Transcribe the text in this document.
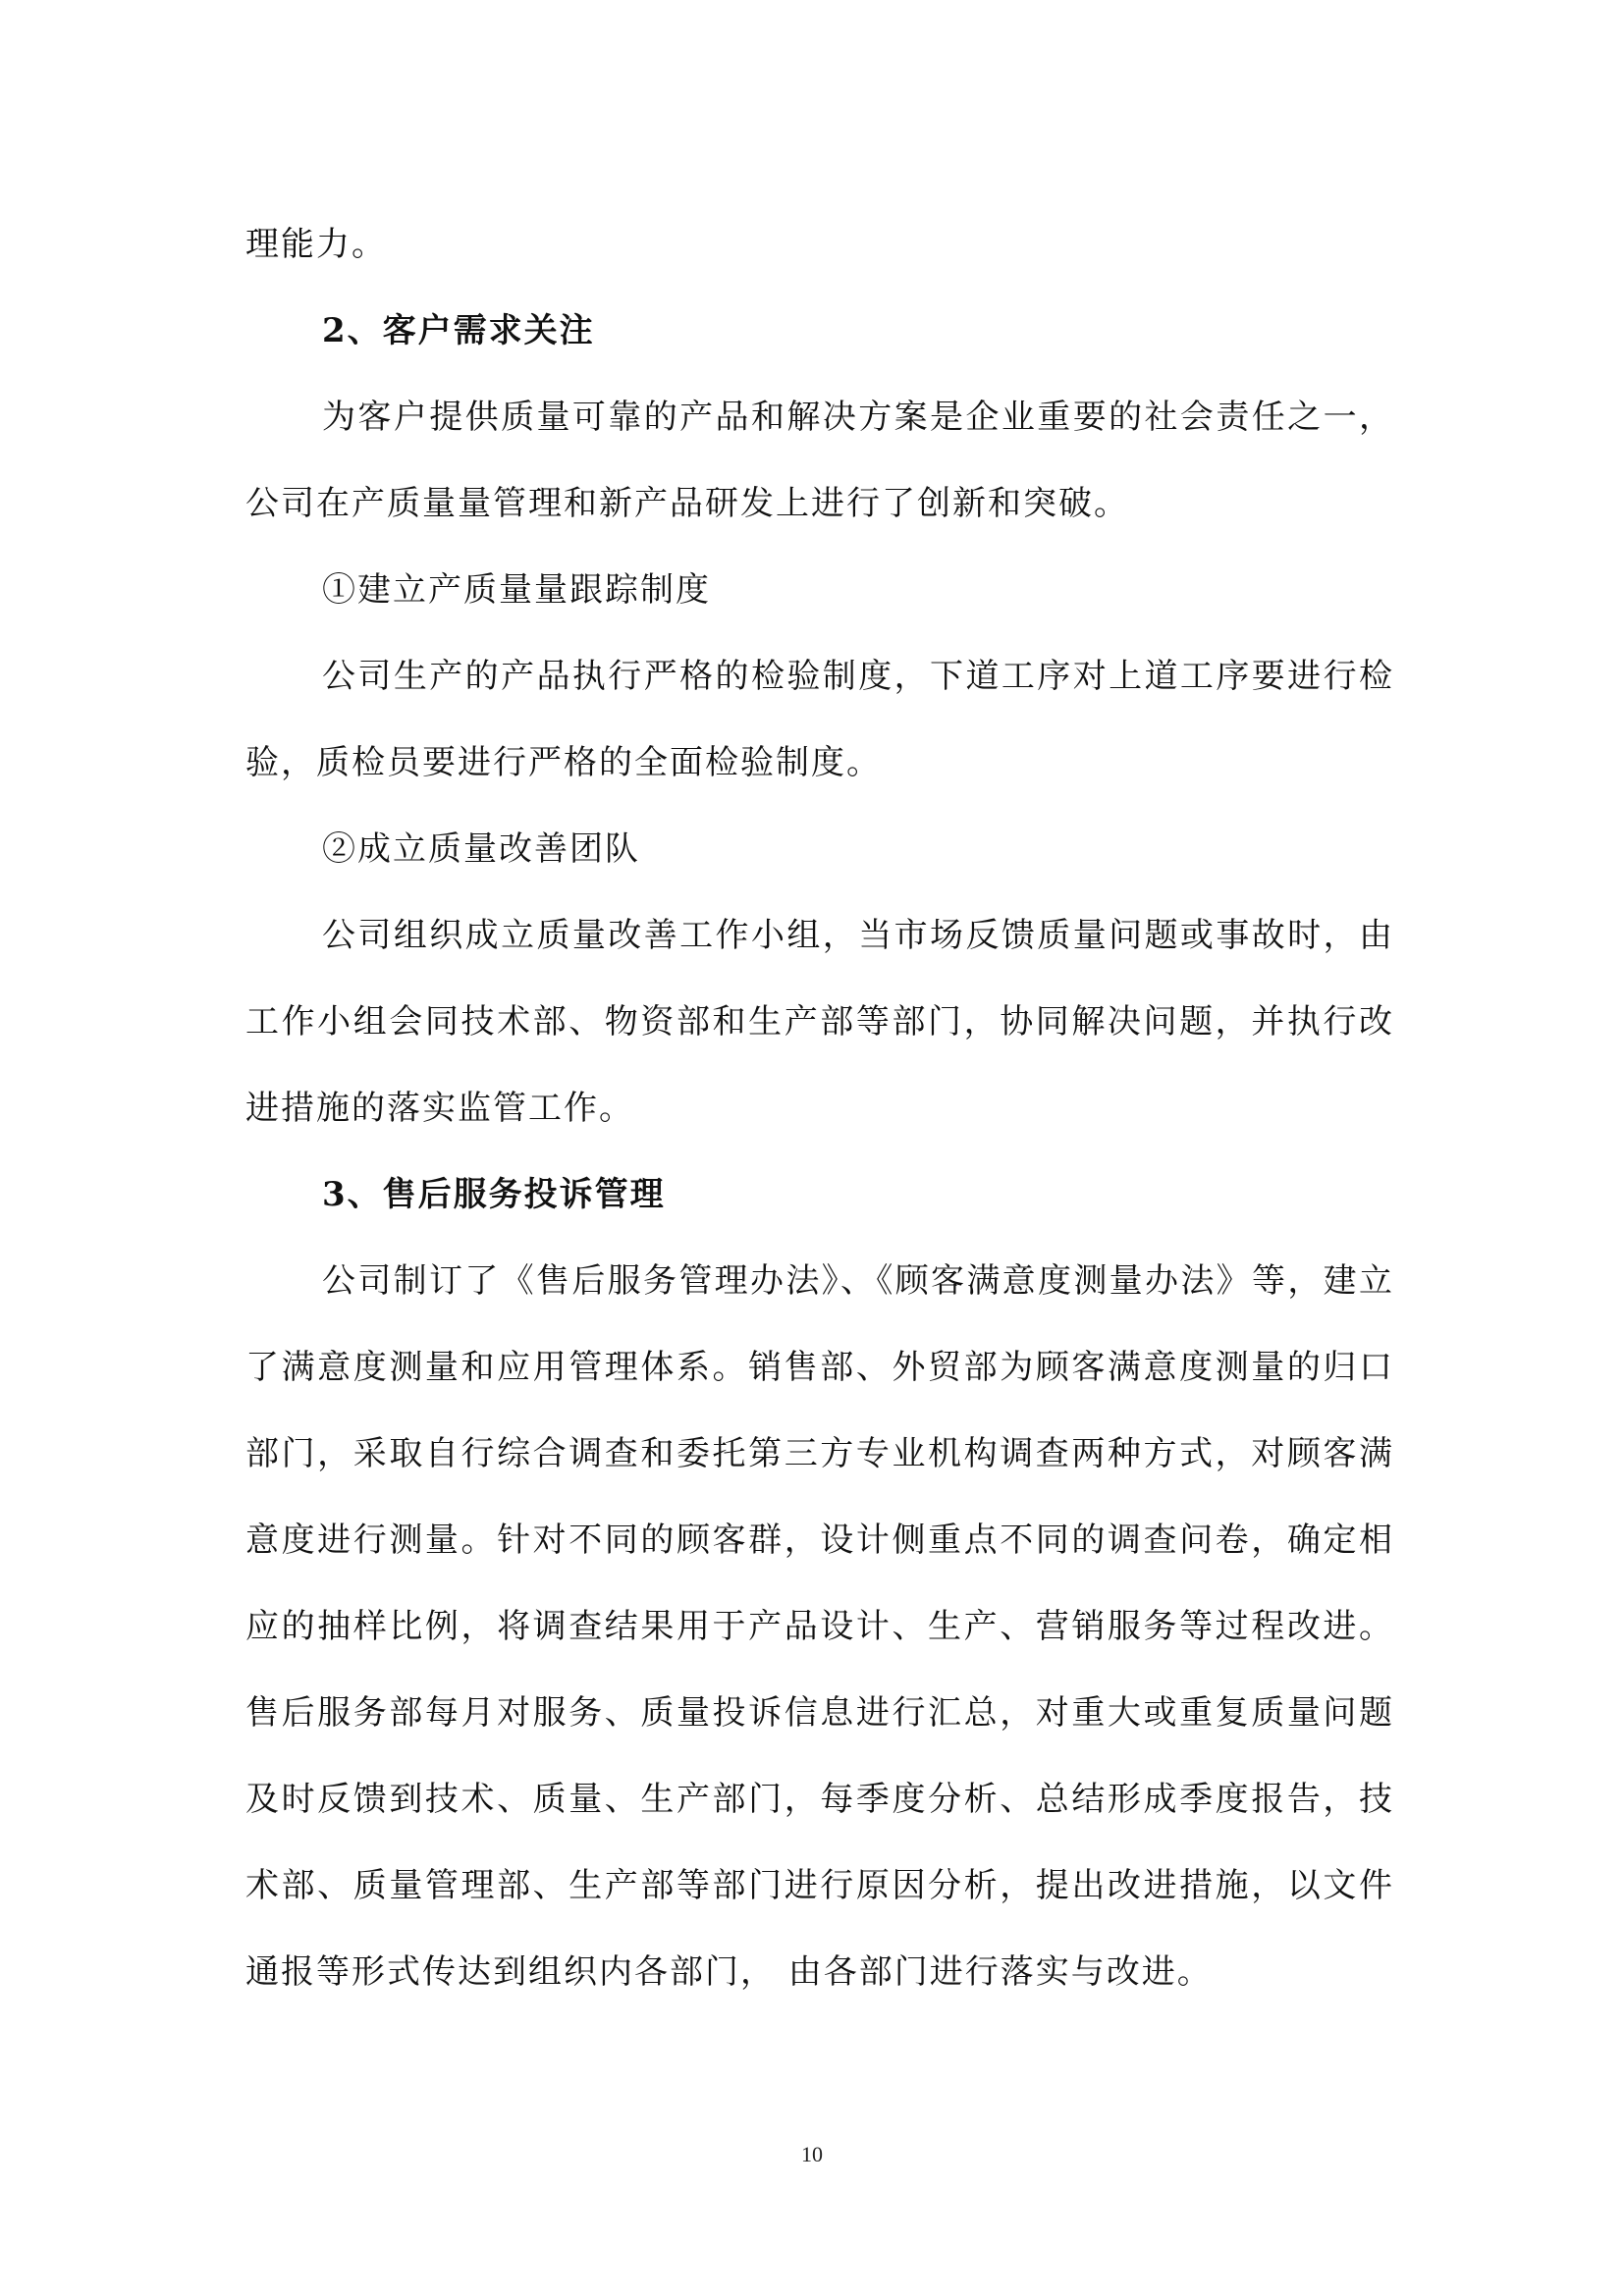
理能力。

2、客户需求关注

为客户提供质量可靠的产品和解决方案是企业重要的社会责任之一，公司在产质量量管理和新产品研发上进行了创新和突破。

①建立产质量量跟踪制度

公司生产的产品执行严格的检验制度，下道工序对上道工序要进行检验，质检员要进行严格的全面检验制度。

②成立质量改善团队

公司组织成立质量改善工作小组，当市场反馈质量问题或事故时，由工作小组会同技术部、物资部和生产部等部门，协同解决问题，并执行改进措施的落实监管工作。

3、售后服务投诉管理

公司制订了《售后服务管理办法》、《顾客满意度测量办法》等，建立了满意度测量和应用管理体系。销售部、外贸部为顾客满意度测量的归口部门，采取自行综合调查和委托第三方专业机构调查两种方式，对顾客满意度进行测量。针对不同的顾客群，设计侧重点不同的调查问卷，确定相应的抽样比例，将调查结果用于产品设计、生产、营销服务等过程改进。售后服务部每月对服务、质量投诉信息进行汇总，对重大或重复质量问题及时反馈到技术、质量、生产部门，每季度分析、总结形成季度报告，技术部、质量管理部、生产部等部门进行原因分析，提出改进措施，以文件通报等形式传达到组织内各部门， 由各部门进行落实与改进。

10
